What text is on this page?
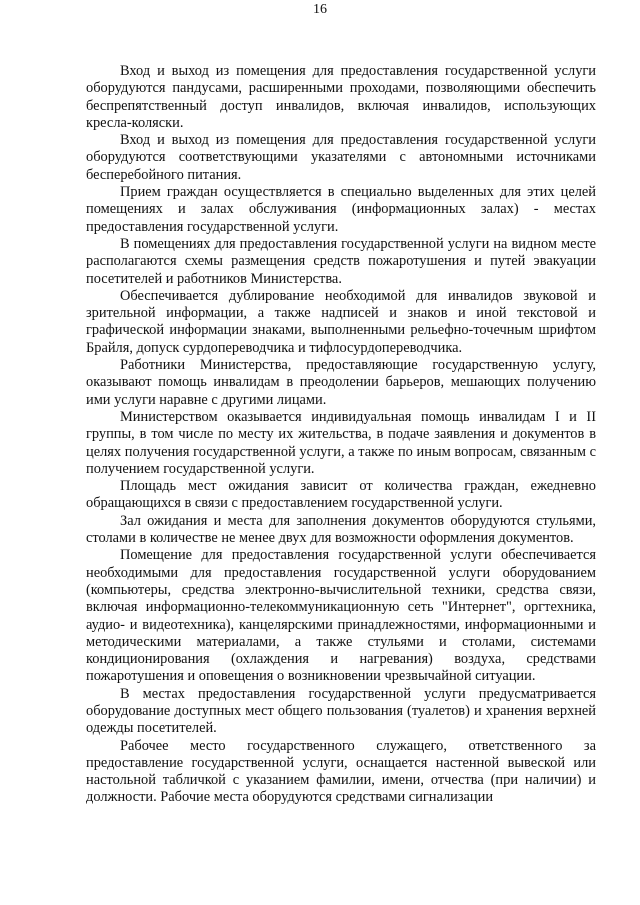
16

Вход и выход из помещения для предоставления государственной услуги оборудуются пандусами, расширенными проходами, позволяющими обеспечить беспрепятственный доступ инвалидов, включая инвалидов, использующих кресла-коляски.

Вход и выход из помещения для предоставления государственной услуги оборудуются соответствующими указателями с автономными источниками бесперебойного питания.

Прием граждан осуществляется в специально выделенных для этих целей помещениях и залах обслуживания (информационных залах) - местах предоставления государственной услуги.

В помещениях для предоставления государственной услуги на видном месте располагаются схемы размещения средств пожаротушения и путей эвакуации посетителей и работников Министерства.

Обеспечивается дублирование необходимой для инвалидов звуковой и зрительной информации, а также надписей и знаков и иной текстовой и графической информации знаками, выполненными рельефно-точечным шрифтом Брайля, допуск сурдопереводчика и тифлосурдопереводчика.

Работники Министерства, предоставляющие государственную услугу, оказывают помощь инвалидам в преодолении барьеров, мешающих получению ими услуги наравне с другими лицами.

Министерством оказывается индивидуальная помощь инвалидам I и II группы, в том числе по месту их жительства, в подаче заявления и документов в целях получения государственной услуги, а также по иным вопросам, связанным с получением государственной услуги.

Площадь мест ожидания зависит от количества граждан, ежедневно обращающихся в связи с предоставлением государственной услуги.

Зал ожидания и места для заполнения документов оборудуются стульями, столами в количестве не менее двух для возможности оформления документов.

Помещение для предоставления государственной услуги обеспечивается необходимыми для предоставления государственной услуги оборудованием (компьютеры, средства электронно-вычислительной техники, средства связи, включая информационно-телекоммуникационную сеть "Интернет", оргтехника, аудио- и видеотехника), канцелярскими принадлежностями, информационными и методическими материалами, а также стульями и столами, системами кондиционирования (охлаждения и нагревания) воздуха, средствами пожаротушения и оповещения о возникновении чрезвычайной ситуации.

В местах предоставления государственной услуги предусматривается оборудование доступных мест общего пользования (туалетов) и хранения верхней одежды посетителей.

Рабочее место государственного служащего, ответственного за предоставление государственной услуги, оснащается настенной вывеской или настольной табличкой с указанием фамилии, имени, отчества (при наличии) и должности. Рабочие места оборудуются средствами сигнализации
